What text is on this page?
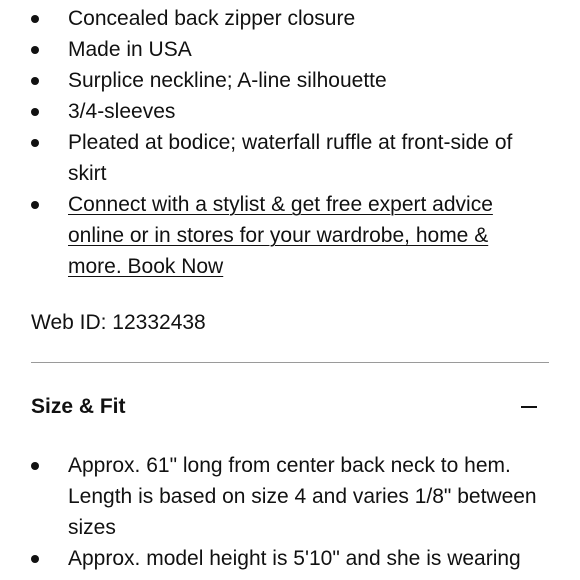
Concealed back zipper closure
Made in USA
Surplice neckline; A-line silhouette
3/4-sleeves
Pleated at bodice; waterfall ruffle at front-side of skirt
Connect with a stylist & get free expert advice online or in stores for your wardrobe, home & more. Book Now
Web ID: 12332438
Size & Fit
Approx. 61" long from center back neck to hem. Length is based on size 4 and varies 1/8" between sizes
Approx. model height is 5'10" and she is wearing
